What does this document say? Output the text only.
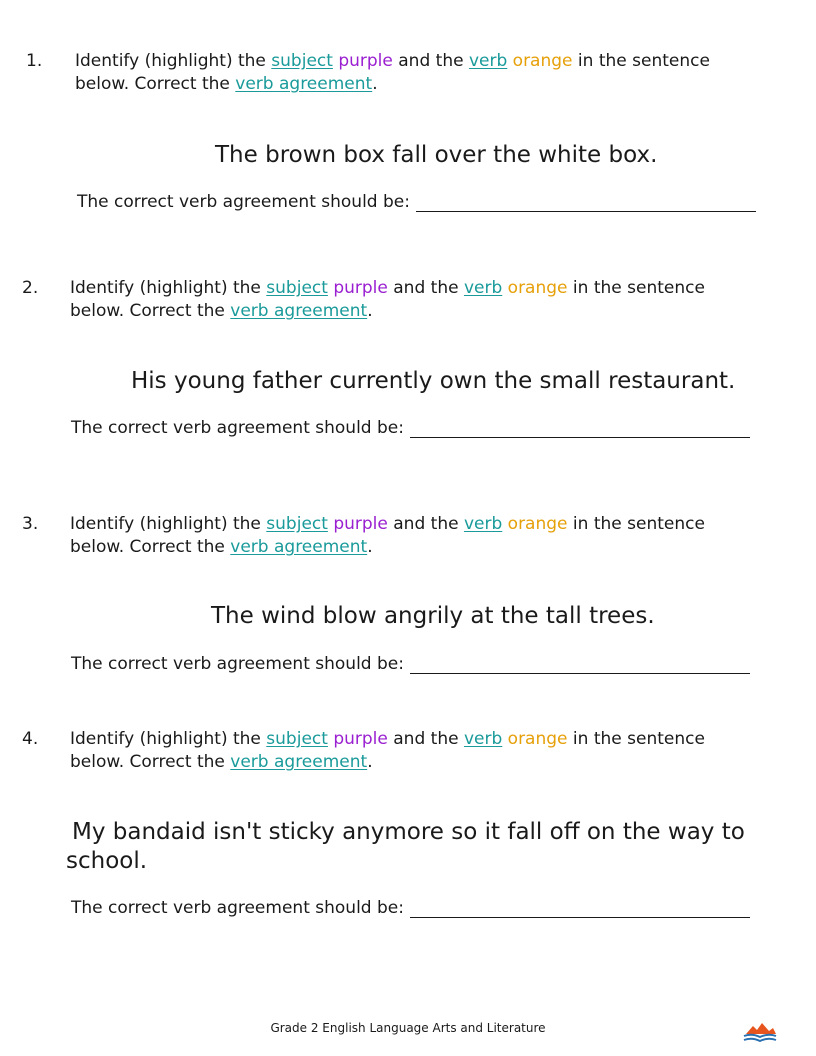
1. Identify (highlight) the subject purple and the verb orange in the sentence
below. Correct the verb agreement.
The brown box fall over the white box.
The correct verb agreement should be:
2. Identify (highlight) the subject purple and the verb orange in the sentence
below. Correct the verb agreement.
His young father currently own the small restaurant.
The correct verb agreement should be:
3. Identify (highlight) the subject purple and the verb orange in the sentence
below. Correct the verb agreement.
The wind blow angrily at the tall trees.
The correct verb agreement should be:
4. Identify (highlight) the subject purple and the verb orange in the sentence
below. Correct the verb agreement.
My bandaid isn't sticky anymore so it fall off on the way to school.
The correct verb agreement should be:
Grade 2 English Language Arts and Literature
